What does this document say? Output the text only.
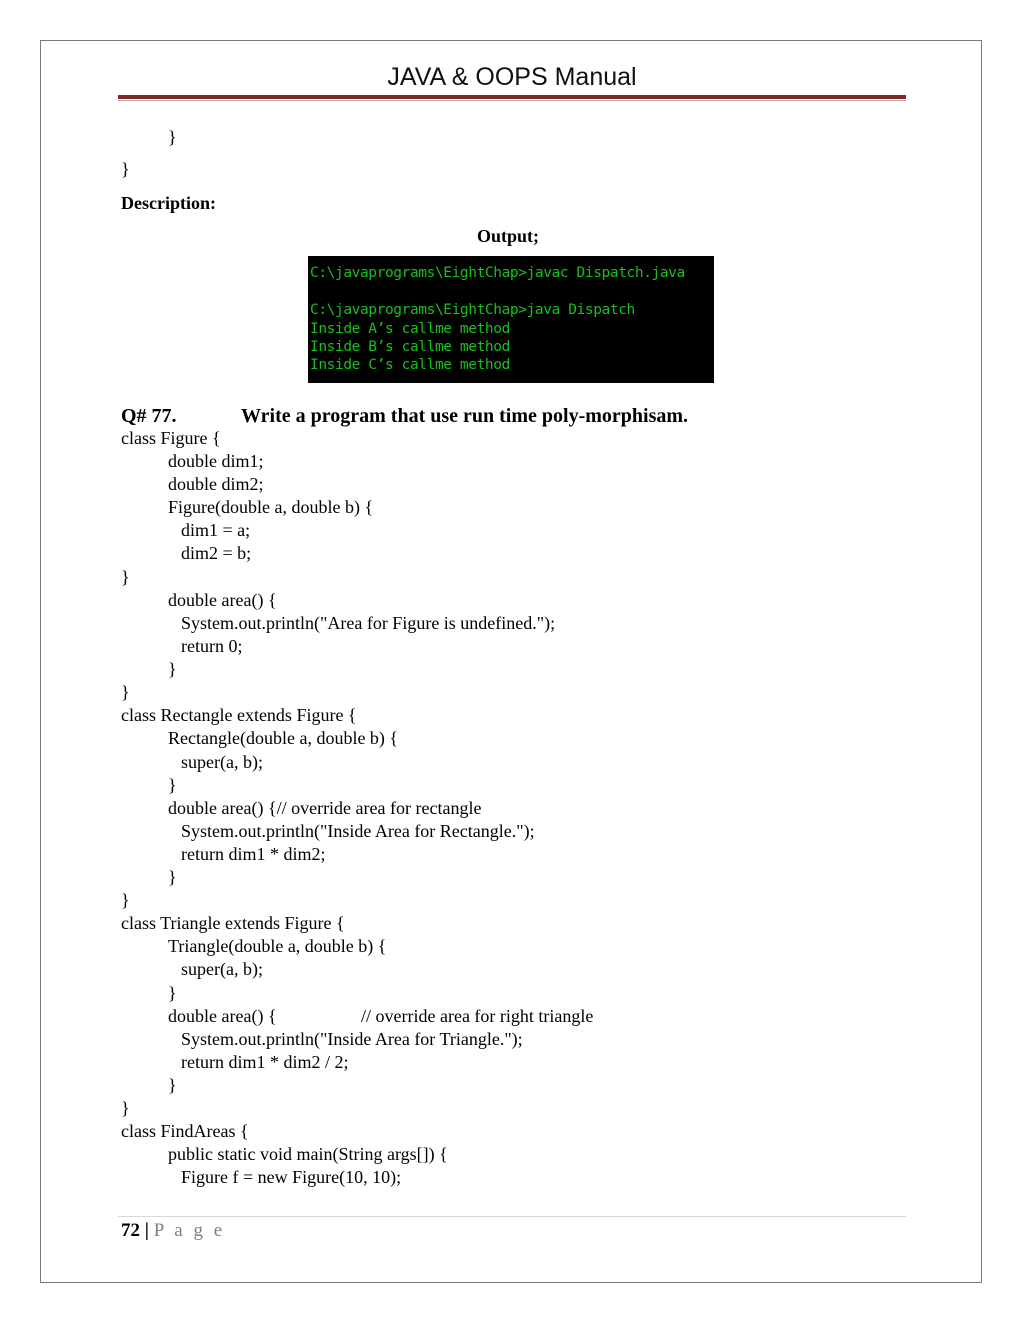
JAVA & OOPS Manual
}
}
Description:
Output;
C:\javaprograms\EightChap>javac Dispatch.java
C:\javaprograms\EightChap>java Dispatch
Inside A’s callme method
Inside B’s callme method
Inside C’s callme method
Q# 77.	Write a program that use run time poly-morphisam.
class Figure {
double dim1;
double dim2;
Figure(double a, double b) {
dim1 = a;
dim2 = b;
}
double area() {
System.out.println("Area for Figure is undefined.");
return 0;
}
}
class Rectangle extends Figure {
Rectangle(double a, double b) {
super(a, b);
}
double area() {// override area for rectangle
System.out.println("Inside Area for Rectangle.");
return dim1 * dim2;
}
}
class Triangle extends Figure {
Triangle(double a, double b) {
super(a, b);
}
double area() {	// override area for right triangle
System.out.println("Inside Area for Triangle.");
return dim1 * dim2 / 2;
}
}
class FindAreas {
public static void main(String args[]) {
Figure f = new Figure(10, 10);
72 | P a g e
